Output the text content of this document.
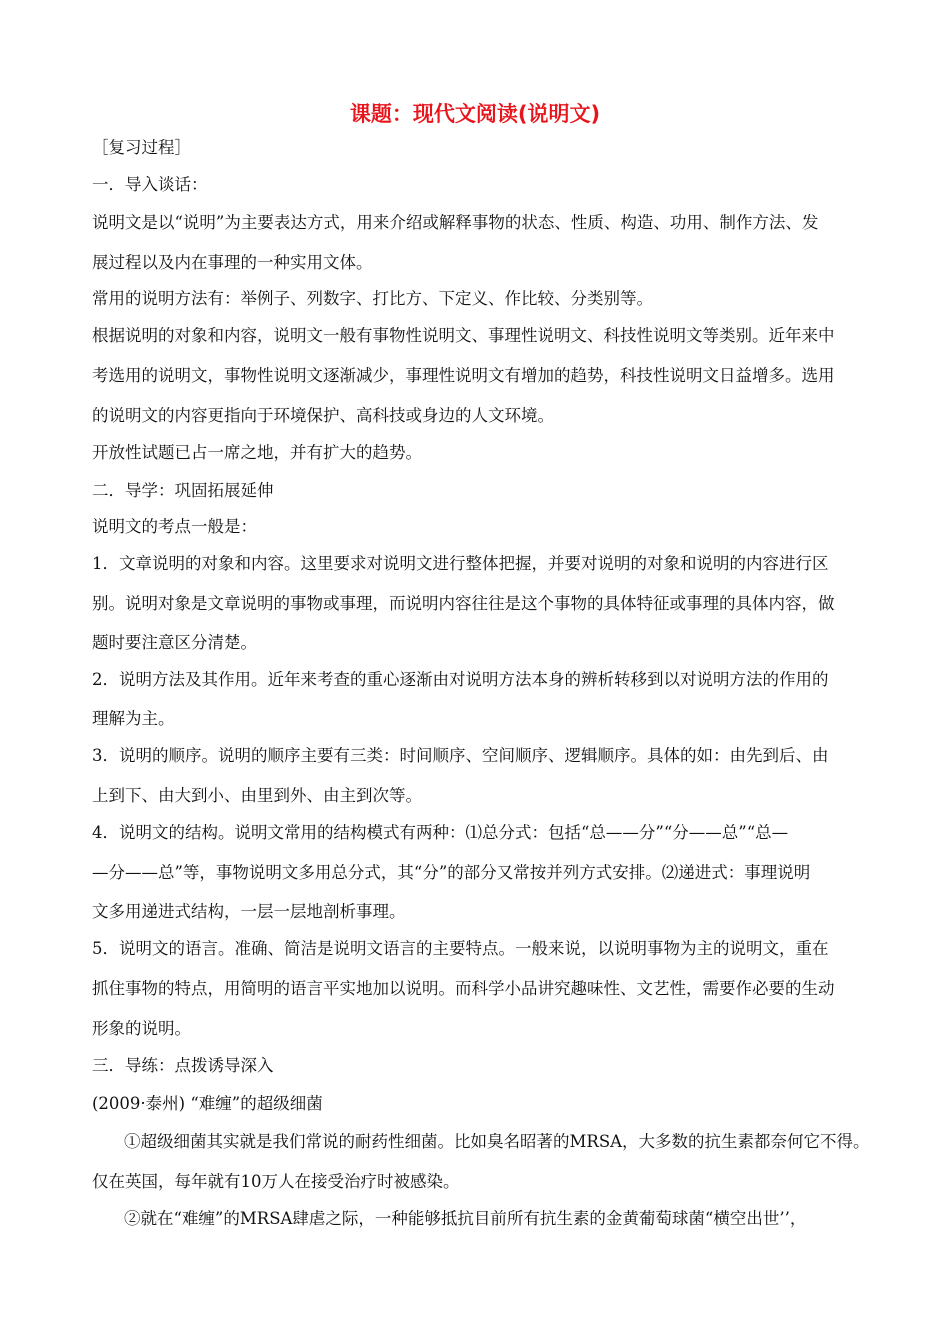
课题：现代文阅读(说明文)
［复习过程］
一．导入谈话：
说明文是以“说明”为主要表达方式，用来介绍或解释事物的状态、性质、构造、功用、制作方法、发
展过程以及内在事理的一种实用文体。
常用的说明方法有：举例子、列数字、打比方、下定义、作比较、分类别等。
根据说明的对象和内容，说明文一般有事物性说明文、事理性说明文、科技性说明文等类别。近年来中
考选用的说明文，事物性说明文逐渐减少，事理性说明文有增加的趋势，科技性说明文日益增多。选用
的说明文的内容更指向于环境保护、高科技或身边的人文环境。
开放性试题已占一席之地，并有扩大的趋势。
二．导学：巩固拓展延伸
说明文的考点一般是：
1．文章说明的对象和内容。这里要求对说明文进行整体把握，并要对说明的对象和说明的内容进行区
别。说明对象是文章说明的事物或事理，而说明内容往往是这个事物的具体特征或事理的具体内容，做
题时要注意区分清楚。
2．说明方法及其作用。近年来考查的重心逐渐由对说明方法本身的辨析转移到以对说明方法的作用的
理解为主。
3．说明的顺序。说明的顺序主要有三类：时间顺序、空间顺序、逻辑顺序。具体的如：由先到后、由
上到下、由大到小、由里到外、由主到次等。
4．说明文的结构。说明文常用的结构模式有两种：⑴总分式：包括“总——分”“分——总”“总—
—分——总”等，事物说明文多用总分式，其“分”的部分又常按并列方式安排。⑵递进式：事理说明
文多用递进式结构，一层一层地剖析事理。
5．说明文的语言。准确、简洁是说明文语言的主要特点。一般来说，以说明事物为主的说明文，重在
抓住事物的特点，用简明的语言平实地加以说明。而科学小品讲究趣味性、文艺性，需要作必要的生动
形象的说明。
三．导练：点拨诱导深入
(2009·泰州) “难缠”的超级细菌
①超级细菌其实就是我们常说的耐药性细菌。比如臭名昭著的MRSA，大多数的抗生素都奈何它不得。
仅在英国，每年就有10万人在接受治疗时被感染。
②就在“难缠”的MRSA肆虐之际，一种能够抵抗目前所有抗生素的金黄葡萄球菌“横空出世’’，
